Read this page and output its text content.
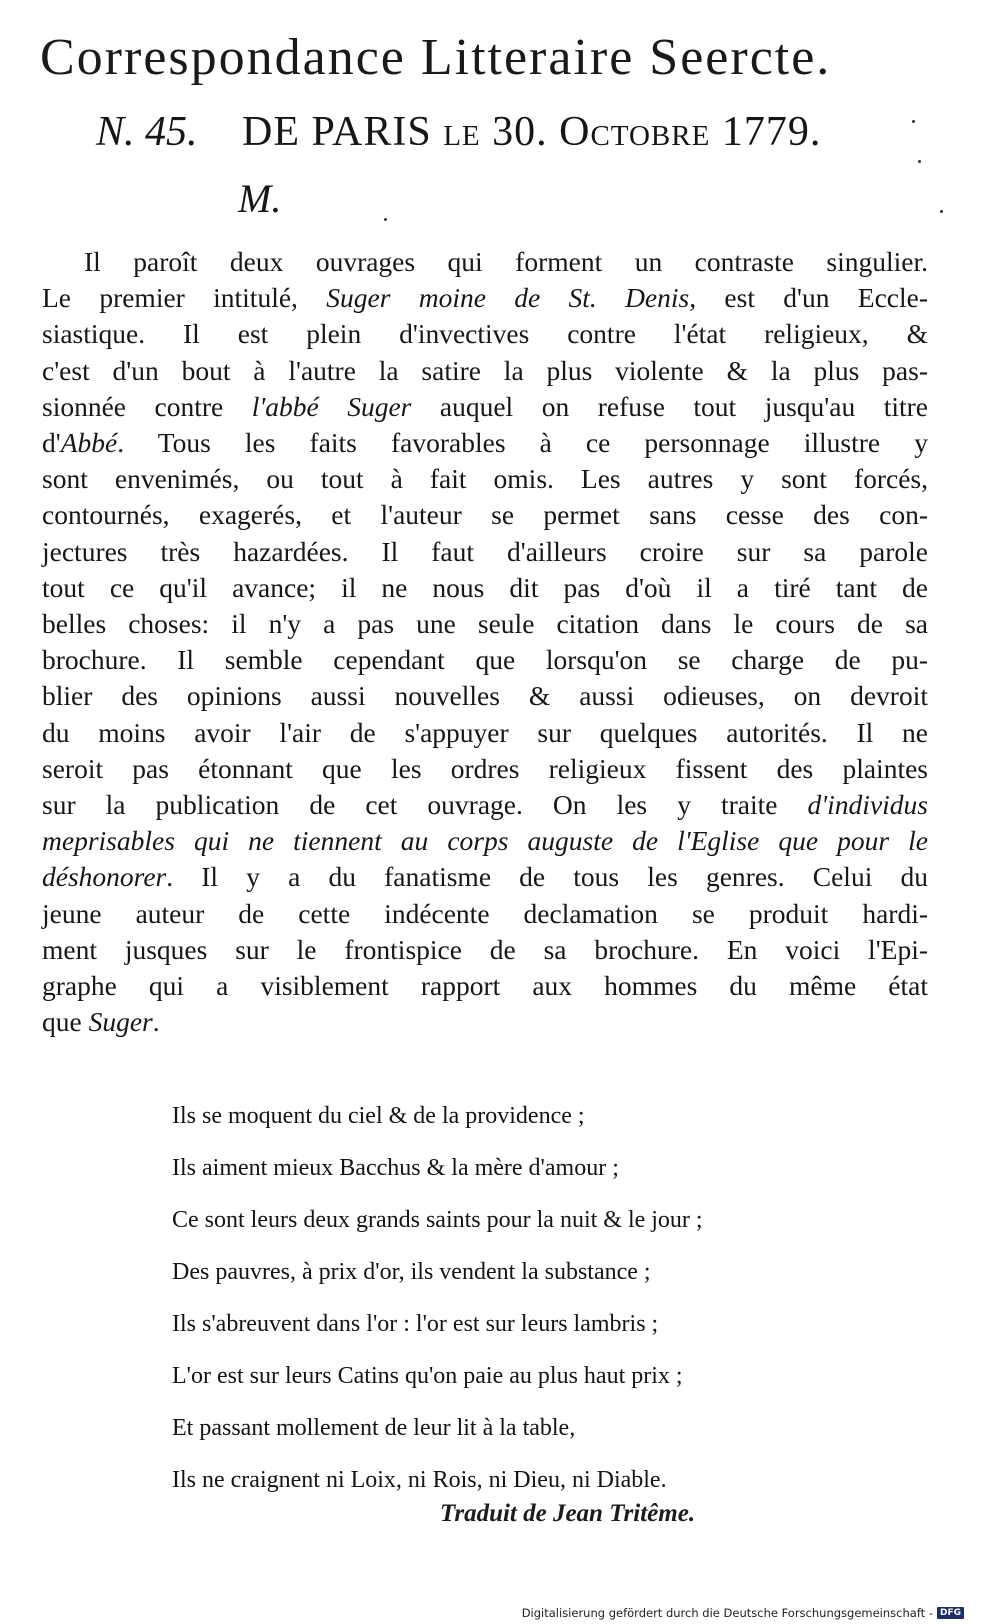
Correspondance Litteraire Seercte.
N. 45. DE PARIS le 30. Octobre 1779.
M.
Il paroît deux ouvrages qui forment un contraste singulier.
Le premier intitulé, Suger moine de St. Denis, est d'un Eccle-
siastique. Il est plein d'invectives contre l'état religieux, &
c'est d'un bout à l'autre la satire la plus violente & la plus pas-
sionnée contre l'abbé Suger auquel on refuse tout jusqu'au titre
d'Abbé. Tous les faits favorables à ce personnage illustre y
sont envenimés, ou tout à fait omis. Les autres y sont forcés,
contournés, exagerés, et l'auteur se permet sans cesse des con-
jectures très hazardées. Il faut d'ailleurs croire sur sa parole
tout ce qu'il avance; il ne nous dit pas d'où il a tiré tant de
belles choses: il n'y a pas une seule citation dans le cours de sa
brochure. Il semble cependant que lorsqu'on se charge de pu-
blier des opinions aussi nouvelles & aussi odieuses, on devroit
du moins avoir l'air de s'appuyer sur quelques autorités. Il ne
seroit pas étonnant que les ordres religieux fissent des plaintes
sur la publication de cet ouvrage. On les y traite d'individus
meprisables qui ne tiennent au corps auguste de l'Eglise que pour le
déshonorer. Il y a du fanatisme de tous les genres. Celui du
jeune auteur de cette indécente declamation se produit hardi-
ment jusques sur le frontispice de sa brochure. En voici l'Epi-
graphe qui a visiblement rapport aux hommes du même état
que Suger.
Ils se moquent du ciel & de la providence ;
Ils aiment mieux Bacchus & la mère d'amour ;
Ce sont leurs deux grands saints pour la nuit & le jour ;
Des pauvres, à prix d'or, ils vendent la substance ;
Ils s'abreuvent dans l'or : l'or est sur leurs lambris ;
L'or est sur leurs Catins qu'on paie au plus haut prix ;
Et passant mollement de leur lit à la table,
Ils ne craignent ni Loix, ni Rois, ni Dieu, ni Diable.
Traduit de Jean Tritême.
Digitalisierung gefördert durch die Deutsche Forschungsgemeinschaft - DFG
